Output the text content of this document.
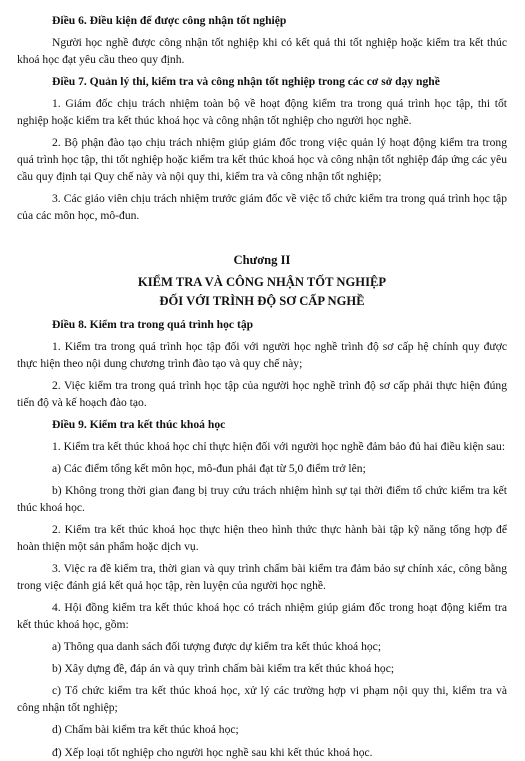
Điều 6. Điều kiện để được công nhận tốt nghiệp

Người học nghề được công nhận tốt nghiệp khi có kết quả thi tốt nghiệp hoặc kiểm tra kết thúc khoá học đạt yêu cầu theo quy định.

Điều 7. Quản lý thi, kiểm tra và công nhận tốt nghiệp trong các cơ sở dạy nghề

1. Giám đốc chịu trách nhiệm toàn bộ về hoạt động kiểm tra trong quá trình học tập, thi tốt nghiệp hoặc kiểm tra kết thúc khoá học và công nhận tốt nghiệp cho người học nghề.

2. Bộ phận đào tạo chịu trách nhiệm giúp giám đốc trong việc quản lý hoạt động kiểm tra trong quá trình học tập, thi tốt nghiệp hoặc kiểm tra kết thúc khoá học và công nhận tốt nghiệp đáp ứng các yêu cầu quy định tại Quy chế này và nội quy thi, kiểm tra và công nhận tốt nghiệp;

3. Các giáo viên chịu trách nhiệm trước giám đốc về việc tổ chức kiểm tra trong quá trình học tập của các môn học, mô-đun.

Chương II

KIỂM TRA VÀ CÔNG NHẬN TỐT NGHIỆP

ĐỐI VỚI TRÌNH ĐỘ SƠ CẤP NGHỀ

Điều 8. Kiểm tra trong quá trình học tập

1. Kiểm tra trong quá trình học tập đối với người học nghề trình độ sơ cấp hệ chính quy được thực hiện theo nội dung chương trình đào tạo và quy chế này;

2. Việc kiểm tra trong quá trình học tập của người học nghề trình độ sơ cấp phải thực hiện đúng tiến độ và kế hoạch đào tạo.

Điều 9. Kiểm tra kết thúc khoá học

1. Kiểm tra kết thúc khoá học chỉ thực hiện đối với người học nghề đảm bảo đủ hai điều kiện sau:

a) Các điểm tổng kết môn học, mô-đun phải đạt từ 5,0 điểm trở lên;

b) Không trong thời gian đang bị truy cứu trách nhiệm hình sự tại thời điểm tổ chức kiểm tra kết thúc khoá học.

2. Kiểm tra kết thúc khoá học thực hiện theo hình thức thực hành bài tập kỹ năng tổng hợp để hoàn thiện một sản phẩm hoặc dịch vụ.

3. Việc ra đề kiểm tra, thời gian và quy trình chấm bài kiểm tra đảm bảo sự chính xác, công bằng trong việc đánh giá kết quả học tập, rèn luyện của người học nghề.

4. Hội đồng kiểm tra kết thúc khoá học có trách nhiệm giúp giám đốc trong hoạt động kiểm tra kết thúc khoá học, gồm:

a) Thông qua danh sách đối tượng được dự kiểm tra kết thúc khoá học;

b) Xây dựng đề, đáp án và quy trình chấm bài kiểm tra kết thúc khoá học;

c) Tổ chức kiểm tra kết thúc khoá học, xử lý các trường hợp vi phạm nội quy thi, kiểm tra và công nhận tốt nghiệp;

d) Chấm bài kiểm tra kết thúc khoá học;

đ) Xếp loại tốt nghiệp cho người học nghề sau khi kết thúc khoá học.
